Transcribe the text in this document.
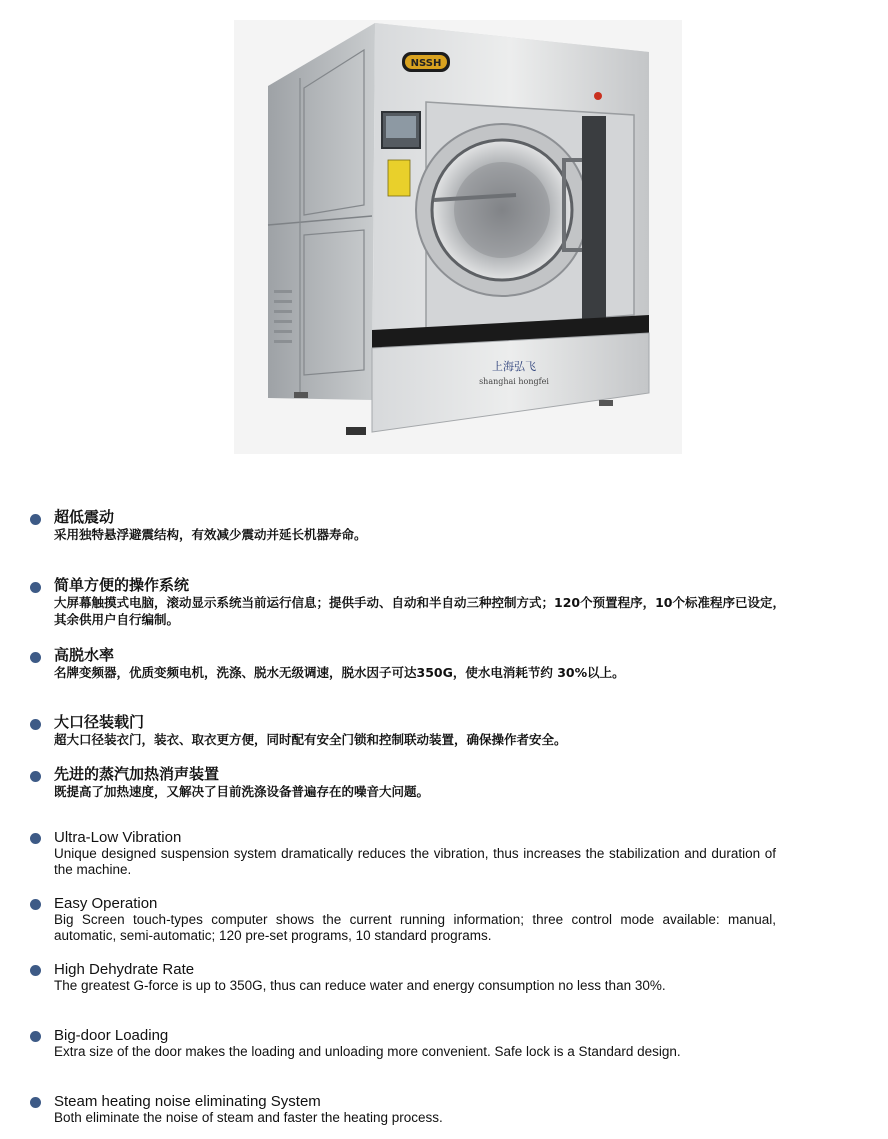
NSSH
上海弘飞
shanghai hongfei
超低震动
采用独特悬浮避震结构，有效减少震动并延长机器寿命。
简单方便的操作系统
大屏幕触摸式电脑，滚动显示系统当前运行信息；提供手动、自动和半自动三种控制方式；120个预置程序，10个标准程序已设定，其余供用户自行编制。
高脱水率
名牌变频器，优质变频电机，洗涤、脱水无级调速，脱水因子可达350G，使水电消耗节约 30%以上。
大口径装载门
超大口径装衣门，装衣、取衣更方便，同时配有安全门锁和控制联动装置，确保操作者安全。
先进的蒸汽加热消声装置
既提高了加热速度，又解决了目前洗涤设备普遍存在的噪音大问题。
Ultra-Low Vibration
Unique designed suspension system dramatically reduces the vibration, thus increases the stabilization and duration of the machine.
Easy Operation
Big Screen touch-types computer shows the current running information; three control mode available: manual, automatic, semi-automatic; 120 pre-set programs, 10 standard programs.
High Dehydrate Rate
The greatest G-force is up to 350G, thus can reduce water and energy consumption no less than 30%.
Big-door Loading
Extra size of the door makes the loading and unloading more convenient. Safe lock is a Standard design.
Steam heating noise eliminating System
Both eliminate the noise of steam and faster the heating process.
